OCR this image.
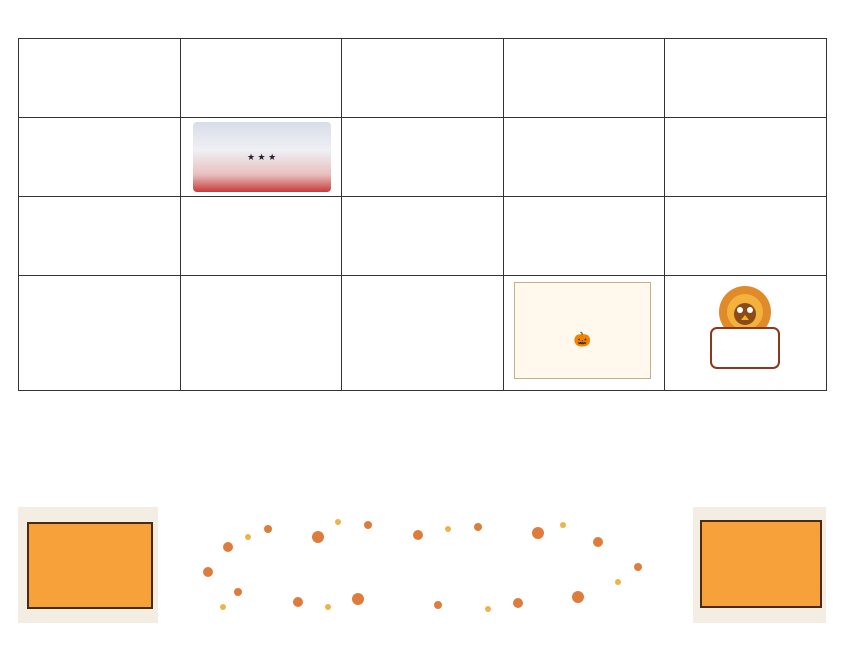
	★ ★ ★			

			🎃
